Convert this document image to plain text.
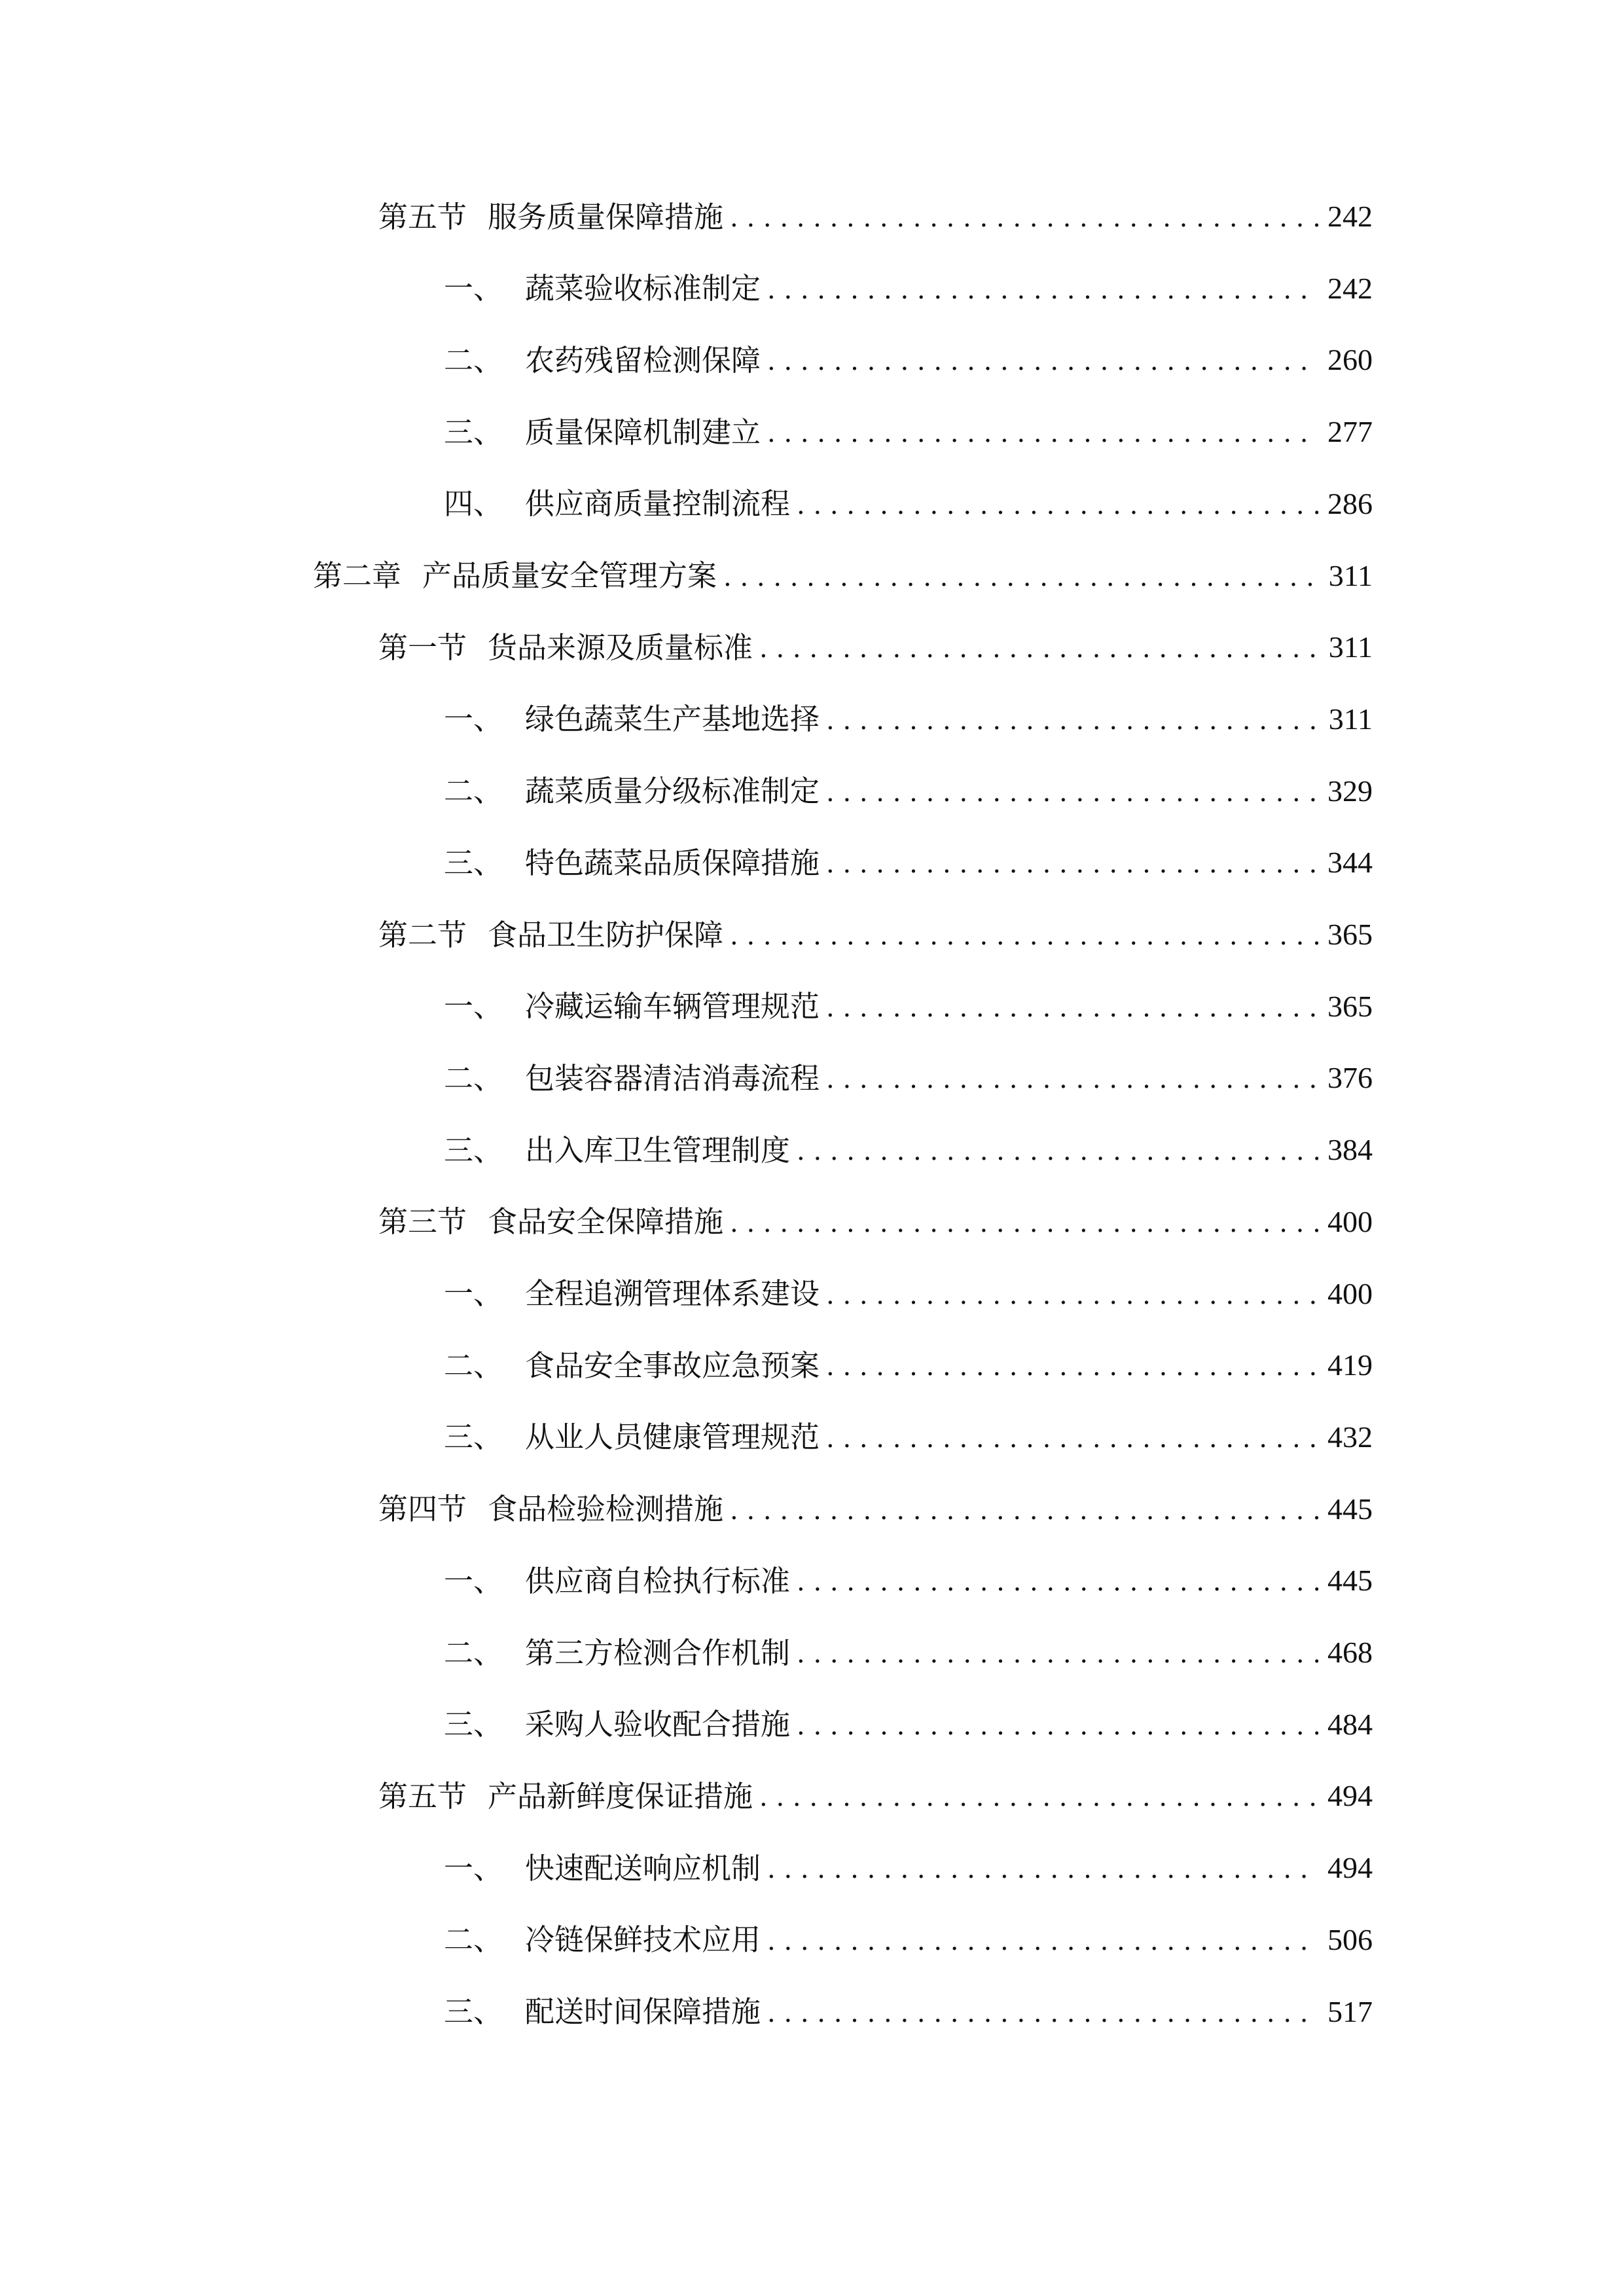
第五节 服务质量保障措施 . . .	242
一、 蔬菜验收标准制定 . . .	242
二、 农药残留检测保障 . . .	260
三、 质量保障机制建立 . . .	277
四、 供应商质量控制流程 . . .	286
第二章 产品质量安全管理方案 . . .	311
第一节 货品来源及质量标准 . . .	311
一、 绿色蔬菜生产基地选择 . . .	311
二、 蔬菜质量分级标准制定 . . .	329
三、 特色蔬菜品质保障措施 . . .	344
第二节 食品卫生防护保障 . . .	365
一、 冷藏运输车辆管理规范 . . .	365
二、 包装容器清洁消毒流程 . . .	376
三、 出入库卫生管理制度 . . .	384
第三节 食品安全保障措施 . . .	400
一、 全程追溯管理体系建设 . . .	400
二、 食品安全事故应急预案 . . .	419
三、 从业人员健康管理规范 . . .	432
第四节 食品检验检测措施 . . .	445
一、 供应商自检执行标准 . . .	445
二、 第三方检测合作机制 . . .	468
三、 采购人验收配合措施 . . .	484
第五节 产品新鲜度保证措施 . . .	494
一、 快速配送响应机制 . . .	494
二、 冷链保鲜技术应用 . . .	506
三、 配送时间保障措施 . . .	517
